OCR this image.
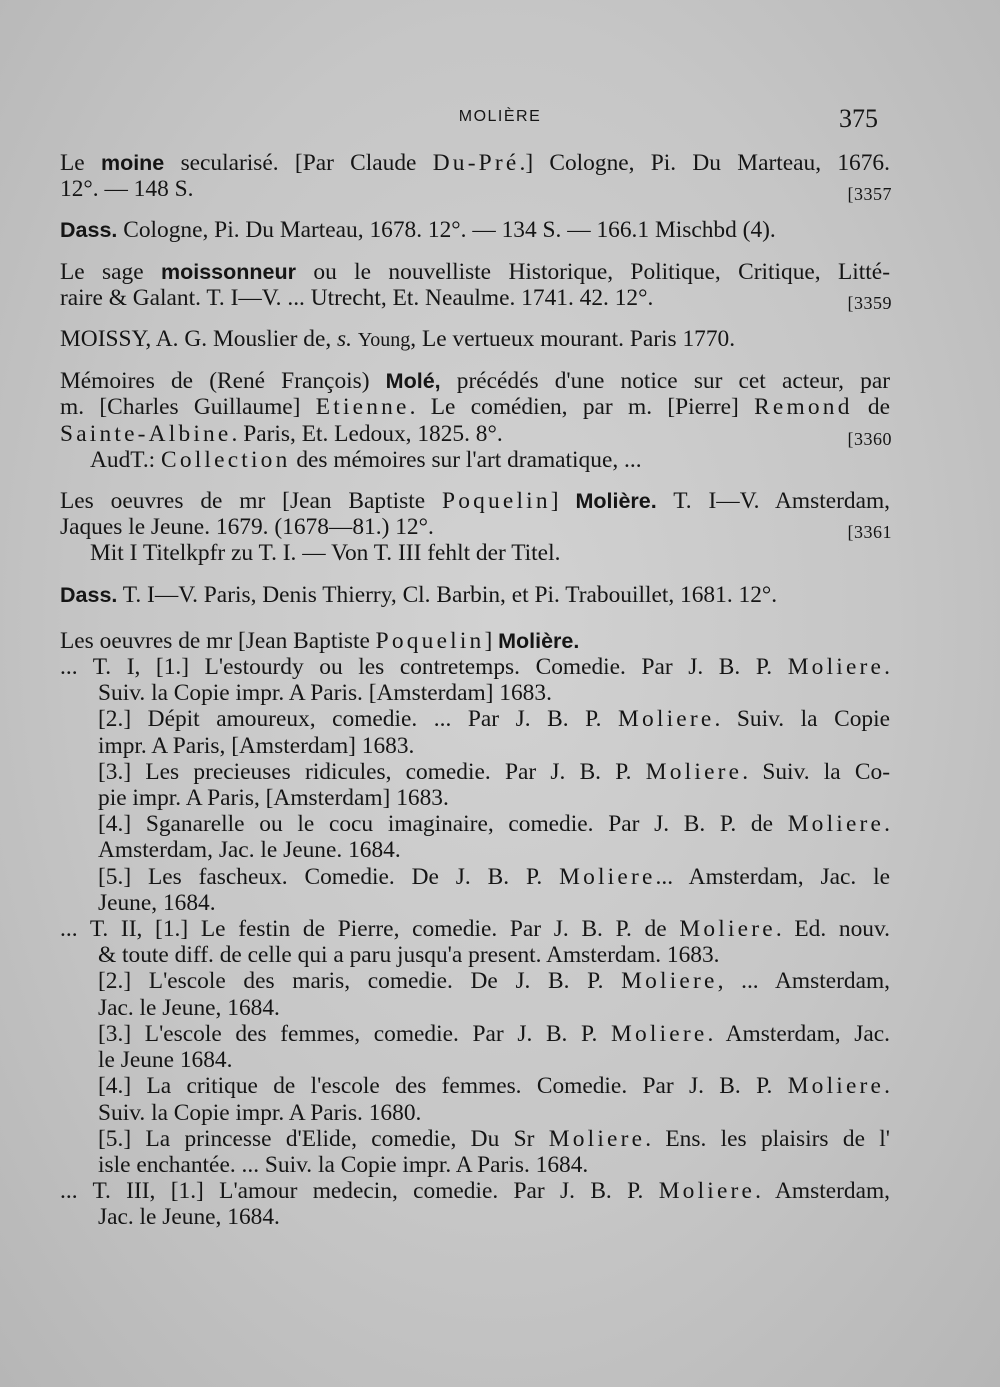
MOLIÈRE	375
Le moine secularisé. [Par Claude Du-Pré.] Cologne, Pi. Du Marteau, 1676.
12°. — 148 S.	[3357
Dass. Cologne, Pi. Du Marteau, 1678. 12°. — 134 S. — 166.1 Mischbd (4).
Le sage moissonneur ou le nouvelliste Historique, Politique, Critique, Litté-
raire & Galant. T. I—V. ... Utrecht, Et. Neaulme. 1741. 42. 12°.	[3359
MOISSY, A. G. Mouslier de, s. Young, Le vertueux mourant. Paris 1770.
Mémoires de (René François) Molé, précédés d'une notice sur cet acteur, par
m. [Charles Guillaume] Etienne. Le comédien, par m. [Pierre] Remond de
Sainte-Albine. Paris, Et. Ledoux, 1825. 8°.
AudT.: Collection des mémoires sur l'art dramatique, ...
[3360
Les oeuvres de mr [Jean Baptiste Poquelin] Molière. T. I—V. Amsterdam,
Jaques le Jeune. 1679. (1678—81.) 12°.
Mit I Titelkpfr zu T. I. — Von T. III fehlt der Titel.
[3361
Dass. T. I—V. Paris, Denis Thierry, Cl. Barbin, et Pi. Trabouillet, 1681. 12°.
Les oeuvres de mr [Jean Baptiste Poquelin] Molière.
... T. I, [1.] L'estourdy ou les contretemps. Comedie. Par J. B. P. Moliere.
Suiv. la Copie impr. A Paris. [Amsterdam] 1683.
[2.] Dépit amoureux, comedie. ... Par J. B. P. Moliere. Suiv. la Copie
impr. A Paris, [Amsterdam] 1683.
[3.] Les precieuses ridicules, comedie. Par J. B. P. Moliere. Suiv. la Co-
pie impr. A Paris, [Amsterdam] 1683.
[4.] Sganarelle ou le cocu imaginaire, comedie. Par J. B. P. de Moliere.
Amsterdam, Jac. le Jeune. 1684.
[5.] Les fascheux. Comedie. De J. B. P. Moliere... Amsterdam, Jac. le
Jeune, 1684.
... T. II, [1.] Le festin de Pierre, comedie. Par J. B. P. de Moliere. Ed. nouv.
& toute diff. de celle qui a paru jusqu'a present. Amsterdam. 1683.
[2.] L'escole des maris, comedie. De J. B. P. Moliere, ... Amsterdam,
Jac. le Jeune, 1684.
[3.] L'escole des femmes, comedie. Par J. B. P. Moliere. Amsterdam, Jac.
le Jeune 1684.
[4.] La critique de l'escole des femmes. Comedie. Par J. B. P. Moliere.
Suiv. la Copie impr. A Paris. 1680.
[5.] La princesse d'Elide, comedie, Du Sr Moliere. Ens. les plaisirs de l'
isle enchantée. ... Suiv. la Copie impr. A Paris. 1684.
... T. III, [1.] L'amour medecin, comedie. Par J. B. P. Moliere. Amsterdam,
Jac. le Jeune, 1684.
